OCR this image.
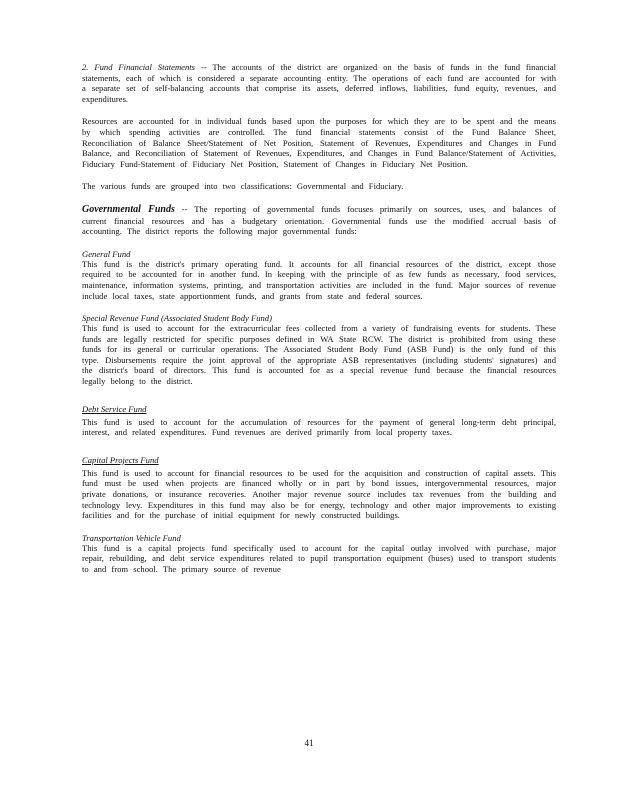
2. Fund Financial Statements -- The accounts of the district are organized on the basis of funds in the fund financial statements, each of which is considered a separate accounting entity. The operations of each fund are accounted for with a separate set of self-balancing accounts that comprise its assets, deferred inflows, liabilities, fund equity, revenues, and expenditures.

Resources are accounted for in individual funds based upon the purposes for which they are to be spent and the means by which spending activities are controlled. The fund financial statements consist of the Fund Balance Sheet, Reconciliation of Balance Sheet/Statement of Net Position, Statement of Revenues, Expenditures and Changes in Fund Balance, and Reconciliation of Statement of Revenues, Expenditures, and Changes in Fund Balance/Statement of Activities, Fiduciary Fund-Statement of Fiduciary Net Position, Statement of Changes in Fiduciary Net Position.

The various funds are grouped into two classifications: Governmental and Fiduciary.

Governmental Funds -- The reporting of governmental funds focuses primarily on sources, uses, and balances of current financial resources and has a budgetary orientation. Governmental funds use the modified accrual basis of accounting. The district reports the following major governmental funds:

General Fund

This fund is the district's primary operating fund. It accounts for all financial resources of the district, except those required to be accounted for in another fund. In keeping with the principle of as few funds as necessary, food services, maintenance, information systems, printing, and transportation activities are included in the fund. Major sources of revenue include local taxes, state apportionment funds, and grants from state and federal sources.

Special Revenue Fund (Associated Student Body Fund)

This fund is used to account for the extracurricular fees collected from a variety of fundraising events for students. These funds are legally restricted for specific purposes defined in WA State RCW. The district is prohibited from using these funds for its general or curricular operations. The Associated Student Body Fund (ASB Fund) is the only fund of this type. Disbursements require the joint approval of the appropriate ASB representatives (including students' signatures) and the district's board of directors. This fund is accounted for as a special revenue fund because the financial resources legally belong to the district.

Debt Service Fund

This fund is used to account for the accumulation of resources for the payment of general long-term debt principal, interest, and related expenditures. Fund revenues are derived primarily from local property taxes.

Capital Projects Fund

This fund is used to account for financial resources to be used for the acquisition and construction of capital assets. This fund must be used when projects are financed wholly or in part by bond issues, intergovernmental resources, major private donations, or insurance recoveries. Another major revenue source includes tax revenues from the building and technology levy. Expenditures in this fund may also be for energy, technology and other major improvements to existing facilities and for the purchase of initial equipment for newly constructed buildings.

Transportation Vehicle Fund

This fund is a capital projects fund specifically used to account for the capital outlay involved with purchase, major repair, rebuilding, and debt service expenditures related to pupil transportation equipment (buses) used to transport students to and from school. The primary source of revenue

41
